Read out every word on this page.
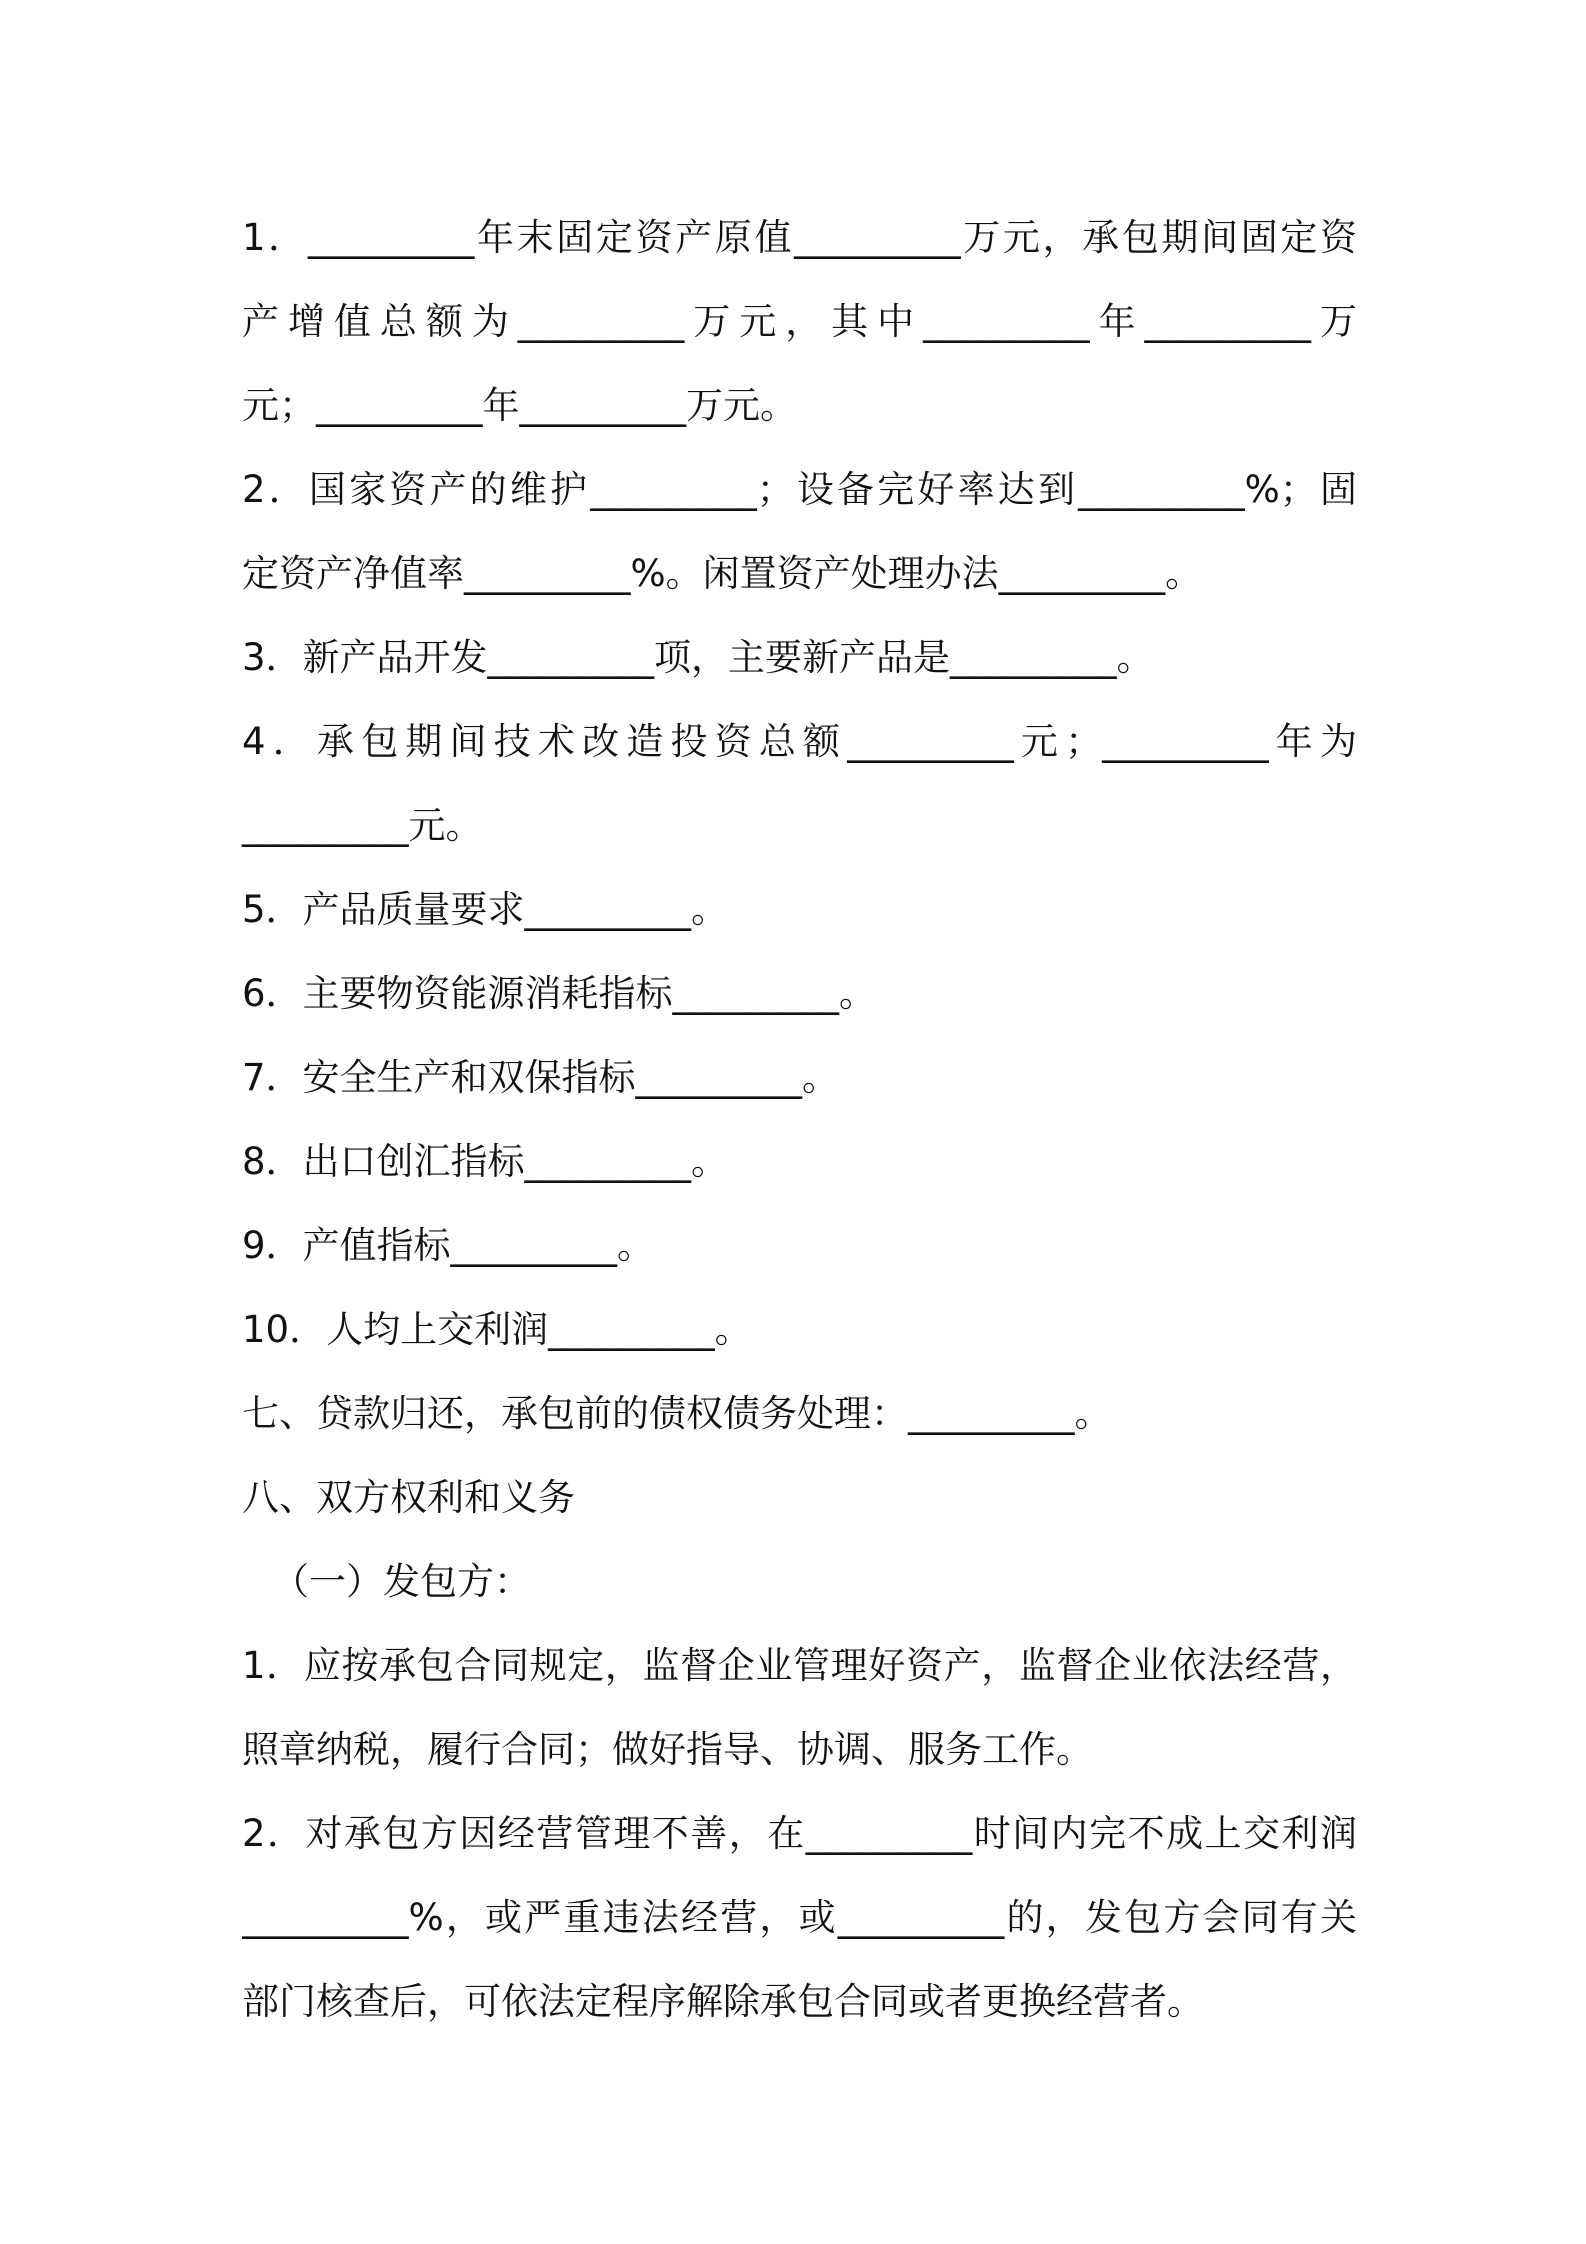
1．_________年末固定资产原值_________万元，承包期间固定资

产增值总额为_________万元，其中_________年_________万

元；_________年_________万元。

2．国家资产的维护_________；设备完好率达到_________%；固

定资产净值率_________%。闲置资产处理办法_________。

3．新产品开发_________项，主要新产品是_________。

4．承包期间技术改造投资总额_________元；_________年为

_________元。

5．产品质量要求_________。

6．主要物资能源消耗指标_________。

7．安全生产和双保指标_________。

8．出口创汇指标_________。

9．产值指标_________。

10．人均上交利润_________。

七、贷款归还，承包前的债权债务处理：_________。

八、双方权利和义务

（一）发包方：

1．应按承包合同规定，监督企业管理好资产，监督企业依法经营，

照章纳税，履行合同；做好指导、协调、服务工作。

2．对承包方因经营管理不善，在_________时间内完不成上交利润

_________%，或严重违法经营，或_________的，发包方会同有关

部门核查后，可依法定程序解除承包合同或者更换经营者。
